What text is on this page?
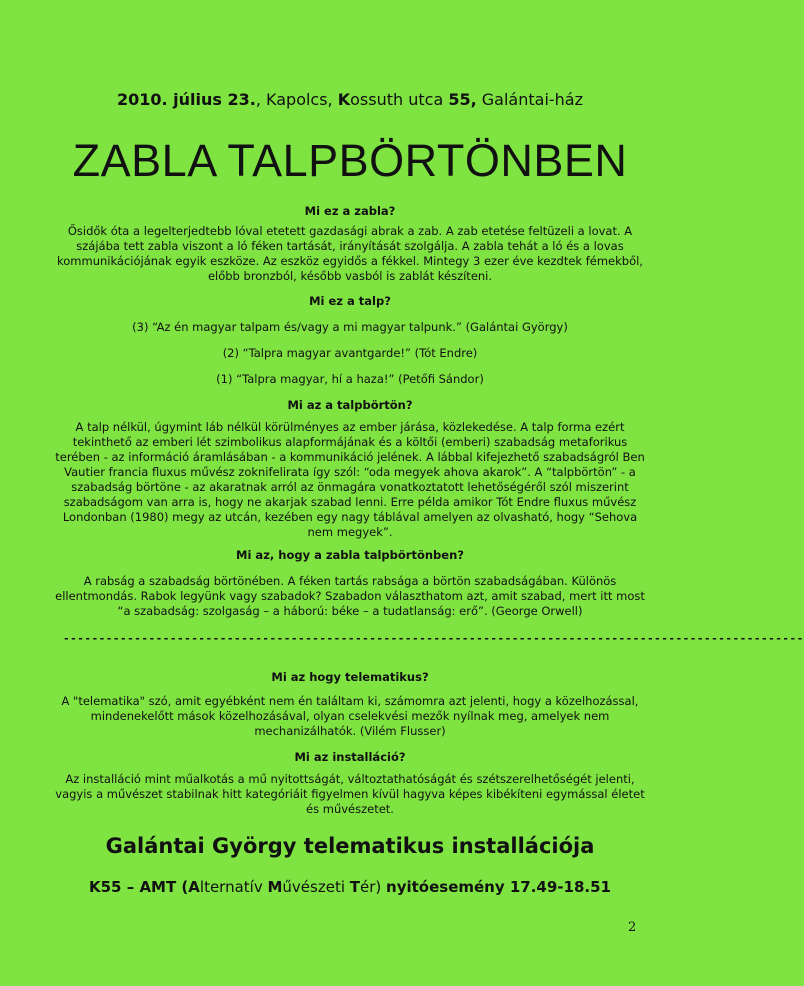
2010. július 23., Kapolcs, Kossuth utca 55, Galántai-ház
ZABLA TALPBÖRTÖNBEN
Mi ez a zabla?
Ősidők óta a legelterjedtebb lóval etetett gazdasági abrak a zab. A zab etetése feltüzeli a lovat. A szájába tett zabla viszont a ló féken tartását, irányítását szolgálja. A zabla tehát a ló és a lovas kommunikációjának egyik eszköze. Az eszköz egyidős a fékkel. Mintegy 3 ezer éve kezdtek fémekből, előbb bronzból, később vasból is zablát készíteni.
Mi ez a talp?
(3) “Az én magyar talpam és/vagy a mi magyar talpunk.” (Galántai György)
(2) “Talpra magyar avantgarde!” (Tót Endre)
(1) “Talpra magyar, hí a haza!” (Petőfi Sándor)
Mi az a talpbörtön?
A talp nélkül, úgymint láb nélkül körülményes az ember járása, közlekedése. A talp forma ezért tekinthető az emberi lét szimbolikus alapformájának és a költői (emberi) szabadság metaforikus terében - az információ áramlásában - a kommunikáció jelének. A lábbal kifejezhető szabadságról Ben Vautier francia fluxus művész zoknifelirata így szól: “oda megyek ahova akarok”. A “talpbörtön” - a szabadság börtöne - az akaratnak arról az önmagára vonatkoztatott lehetőségéről szól miszerint szabadságom van arra is, hogy ne akarjak szabad lenni. Erre példa amikor Tót Endre fluxus művész Londonban (1980) megy az utcán, kezében egy nagy táblával amelyen az olvasható, hogy “Sehova nem megyek”.
Mi az, hogy a zabla talpbörtönben?
A rabság a szabadság börtönében. A féken tartás rabsága a börtön szabadságában. Különös ellentmondás. Rabok legyünk vagy szabadok? Szabadon választhatom azt, amit szabad, mert itt most “a szabadság: szolgaság – a háború: béke – a tudatlanság: erő”. (George Orwell)
--------------------------------------------------------------------------------------------------------
Mi az hogy telematikus?
A "telematika" szó, amit egyébként nem én találtam ki, számomra azt jelenti, hogy a közelhozással, mindenekelőtt mások közelhozásával, olyan cselekvési mezők nyílnak meg, amelyek nem mechanizálhatók. (Vilém Flusser)
Mi az installáció?
Az installáció mint műalkotás a mű nyitottságát, változtathatóságát és szétszerelhetőségét jelenti, vagyis a művészet stabilnak hitt kategóriáit figyelmen kívül hagyva képes kibékíteni egymással életet és művészetet.
Galántai György telematikus installációja
K55 – AMT (Alternatív Művészeti Tér) nyitóesemény 17.49-18.51
2
